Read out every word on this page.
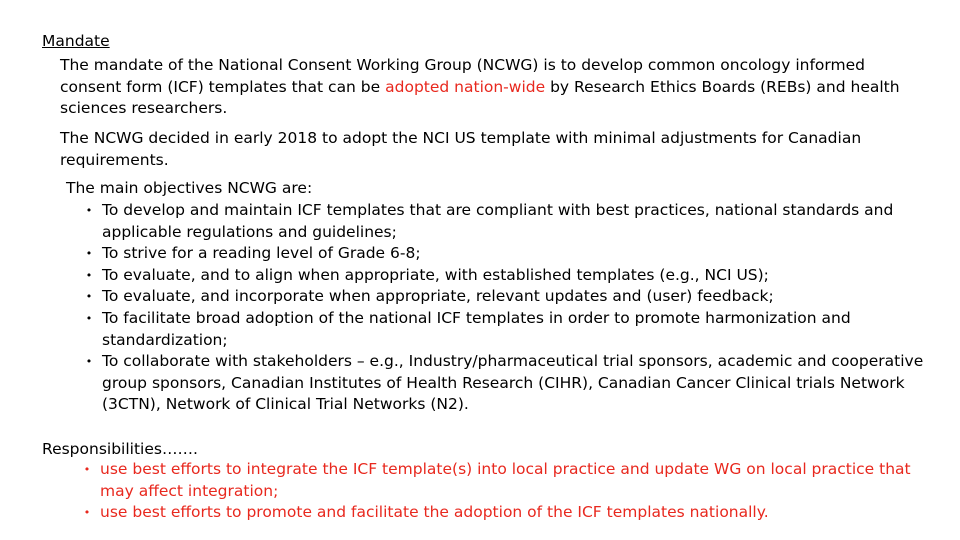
Mandate
The mandate of the National Consent Working Group (NCWG) is to develop common oncology informed consent form (ICF) templates that can be adopted nation-wide by Research Ethics Boards (REBs) and health sciences researchers.
The NCWG decided in early 2018 to adopt the NCI US template with minimal adjustments for Canadian requirements.
The main objectives NCWG are:
• To develop and maintain ICF templates that are compliant with best practices, national standards and applicable regulations and guidelines;
• To strive for a reading level of Grade 6-8;
• To evaluate, and to align when appropriate, with established templates (e.g., NCI US);
• To evaluate, and incorporate when appropriate, relevant updates and (user) feedback;
• To facilitate broad adoption of the national ICF templates in order to promote harmonization and standardization;
• To collaborate with stakeholders – e.g., Industry/pharmaceutical trial sponsors, academic and cooperative group sponsors, Canadian Institutes of Health Research (CIHR), Canadian Cancer Clinical trials Network (3CTN), Network of Clinical Trial Networks (N2).
Responsibilities…….
• use best efforts to integrate the ICF template(s) into local practice and update WG on local practice that may affect integration;
• use best efforts to promote and facilitate the adoption of the ICF templates nationally.
